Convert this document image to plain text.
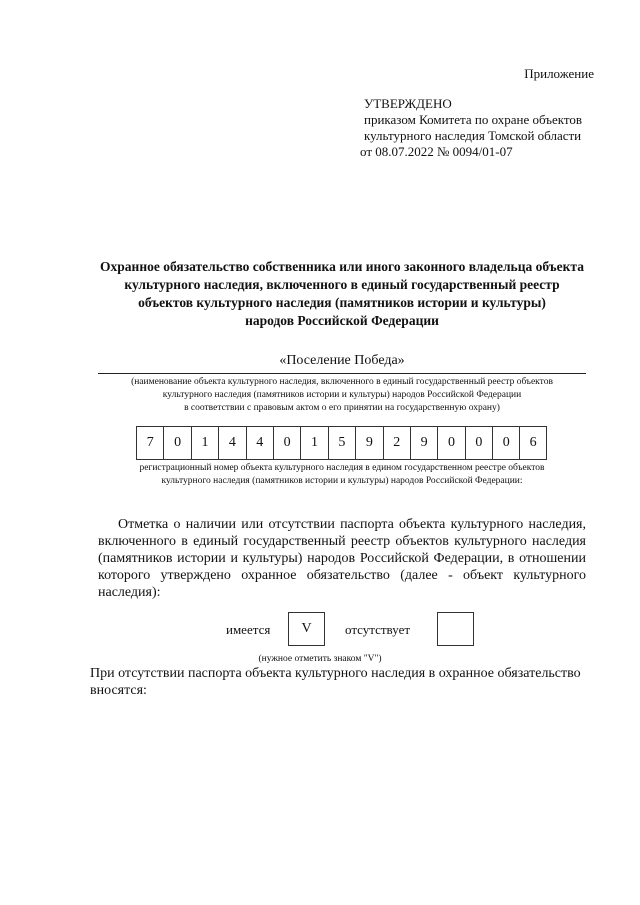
Приложение
УТВЕРЖДЕНО
приказом Комитета по охране объектов
культурного наследия Томской области
от 08.07.2022 № 0094/01-07
Охранное обязательство собственника или иного законного владельца объекта
культурного наследия, включенного в единый государственный реестр
объектов культурного наследия (памятников истории и культуры)
народов Российской Федерации
«Поселение Победа»
(наименование объекта культурного наследия, включенного в единый государственный реестр объектов
культурного наследия (памятников истории и культуры) народов Российской Федерации
в соответствии с правовым актом о его принятии на государственную охрану)
7	0	1	4	4	0	1	5	9	2	9	0	0	0	6
регистрационный номер объекта культурного наследия в едином государственном реестре объектов
культурного наследия (памятников истории и культуры) народов Российской Федерации:
Отметка о наличии или отсутствии паспорта объекта культурного наследия, включенного в единый государственный реестр объектов культурного наследия (памятников истории и культуры) народов Российской Федерации, в отношении которого утверждено охранное обязательство (далее - объект культурного наследия):
имеется	V	отсутствует
(нужное отметить знаком "V")
При отсутствии паспорта объекта культурного наследия в охранное обязательство вносятся:
